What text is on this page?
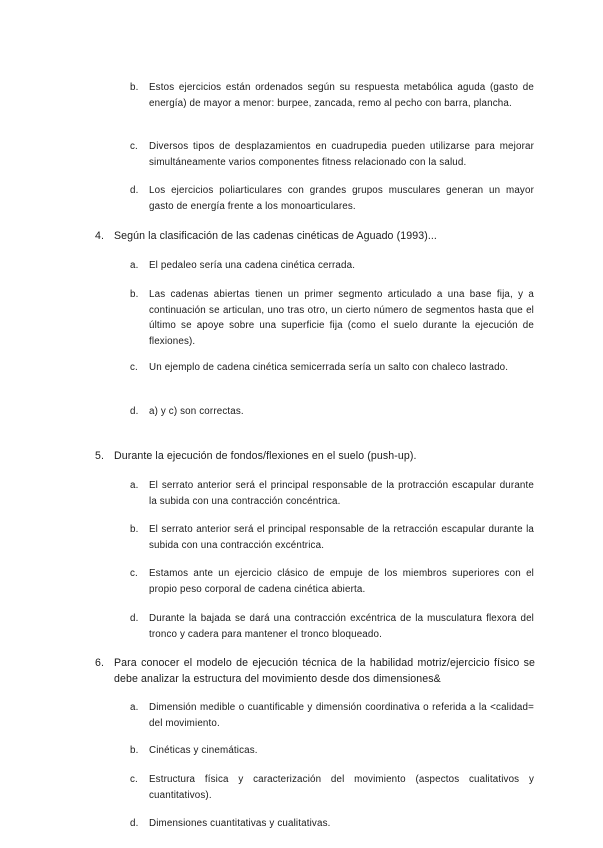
b.	Estos ejercicios están ordenados según su respuesta metabólica aguda (gasto de energía) de mayor a menor: burpee, zancada, remo al pecho con barra, plancha.
c.	Diversos tipos de desplazamientos en cuadrupedia pueden utilizarse para mejorar simultáneamente varios componentes fitness relacionado con la salud.
d.	Los ejercicios poliarticulares con grandes grupos musculares generan un mayor gasto de energía frente a los monoarticulares.
4. Según la clasificación de las cadenas cinéticas de Aguado (1993)...
a.	El pedaleo sería una cadena cinética cerrada.
b.	Las cadenas abiertas tienen un primer segmento articulado a una base fija, y a continuación se articulan, uno tras otro, un cierto número de segmentos hasta que el último se apoye sobre una superficie fija (como el suelo durante la ejecución de flexiones).
c.	Un ejemplo de cadena cinética semicerrada sería un salto con chaleco lastrado.
d.	a) y c) son correctas.
5. Durante la ejecución de fondos/flexiones en el suelo (push-up).
a.	El serrato anterior será el principal responsable de la protracción escapular durante la subida con una contracción concéntrica.
b.	El serrato anterior será el principal responsable de la retracción escapular durante la subida con una contracción excéntrica.
c.	Estamos ante un ejercicio clásico de empuje de los miembros superiores con el propio peso corporal de cadena cinética abierta.
d.	Durante la bajada se dará una contracción excéntrica de la musculatura flexora del tronco y cadera para mantener el tronco bloqueado.
6. Para conocer el modelo de ejecución técnica de la habilidad motriz/ejercicio físico se debe analizar la estructura del movimiento desde dos dimensiones&
a.	Dimensión medible o cuantificable y dimensión coordinativa o referida a la <calidad= del movimiento.
b.	Cinéticas y cinemáticas.
c.	Estructura física y caracterización del movimiento (aspectos cualitativos y cuantitativos).
d.	Dimensiones cuantitativas y cualitativas.
